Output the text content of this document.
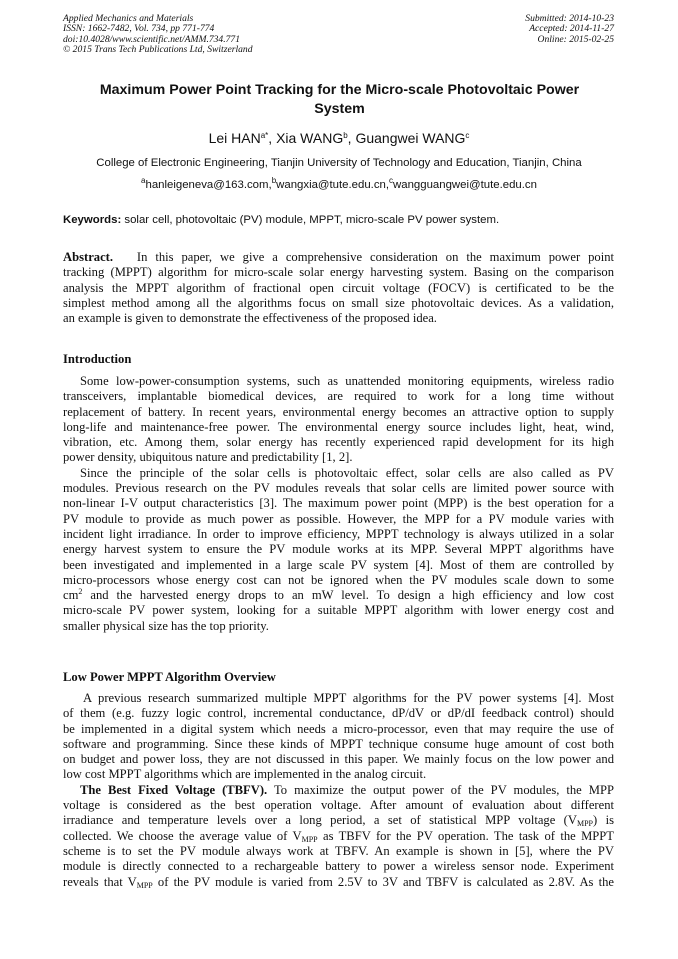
Applied Mechanics and Materials
ISSN: 1662-7482, Vol. 734, pp 771-774
doi:10.4028/www.scientific.net/AMM.734.771
© 2015 Trans Tech Publications Ltd, Switzerland
Submitted: 2014-10-23
Accepted: 2014-11-27
Online: 2015-02-25
Maximum Power Point Tracking for the Micro-scale Photovoltaic Power
System
Lei $HAN^{a*}$, Xia WANG$^b$, Guangwei WANG$^c$
College of Electronic Engineering, Tianjin University of Technology and Education, Tianjin, China
$^a$hanleigeneva@163.com,$^b$wangxia@tute.edu.cn,$^c$wangguangwei@tute.edu.cn
Keywords: solar cell, photovoltaic (PV) module, MPPT, micro-scale PV power system.
Abstract. In this paper, we give a comprehensive consideration on the maximum power point
tracking (MPPT) algorithm for micro-scale solar energy harvesting system. Basing on the comparison
analysis the MPPT algorithm of fractional open circuit voltage (FOCV) is certificated to be the
simplest method among all the algorithms focus on small size photovoltaic devices. As a validation,
an example is given to demonstrate the effectiveness of the proposed idea.
Introduction
Some low-power-consumption systems, such as unattended monitoring equipments, wireless radio
transceivers, implantable biomedical devices, are required to work for a long time without
replacement of battery. In recent years, environmental energy becomes an attractive option to supply
long-life and maintenance-free power. The environmental energy source includes light, heat, wind,
vibration, etc. Among them, solar energy has recently experienced rapid development for its high
power density, ubiquitous nature and predictability [1, 2].
Since the principle of the solar cells is photovoltaic effect, solar cells are also called as PV
modules. Previous research on the PV modules reveals that solar cells are limited power source with
non-linear I-V output characteristics [3]. The maximum power point (MPP) is the best operation for a
PV module to provide as much power as possible. However, the MPP for a PV module varies with
incident light irradiance. In order to improve efficiency, MPPT technology is always utilized in a solar
energy harvest system to ensure the PV module works at its MPP. Several MPPT algorithms have
been investigated and implemented in a large scale PV system [4]. Most of them are controlled by
micro-processors whose energy cost can not be ignored when the PV modules scale down to some
$cm^2$ and the harvested energy drops to an mW level. To design a high efficiency and low cost
micro-scale PV power system, looking for a suitable MPPT algorithm with lower energy cost and
smaller physical size has the top priority.
Low Power MPPT Algorithm Overview
A previous research summarized multiple MPPT algorithms for the PV power systems [4]. Most
of them (e.g. fuzzy logic control, incremental conductance, dP/dV or dP/dI feedback control) should
be implemented in a digital system which needs a micro-processor, even that may require the use of
software and programming. Since these kinds of MPPT technique consume huge amount of cost both
on budget and power loss, they are not discussed in this paper. We mainly focus on the low power and
low cost MPPT algorithms which are implemented in the analog circuit.
The Best Fixed Voltage (TBFV). To maximize the output power of the PV modules, the MPP
voltage is considered as the best operation voltage. After amount of evaluation about different
irradiance and temperature levels over a long period, a set of statistical MPP voltage $(V_{MPP})$ is
collected. We choose the average value of $V_{MPP}$ as TBFV for the PV operation. The task of the MPPT
scheme is to set the PV module always work at TBFV. An example is shown in [5], where the PV
module is directly connected to a rechargeable battery to power a wireless sensor node. Experiment
reveals that $V_{MPP}$ of the PV module is varied from 2.5V to 3V and TBFV is calculated as 2.8V. As the
